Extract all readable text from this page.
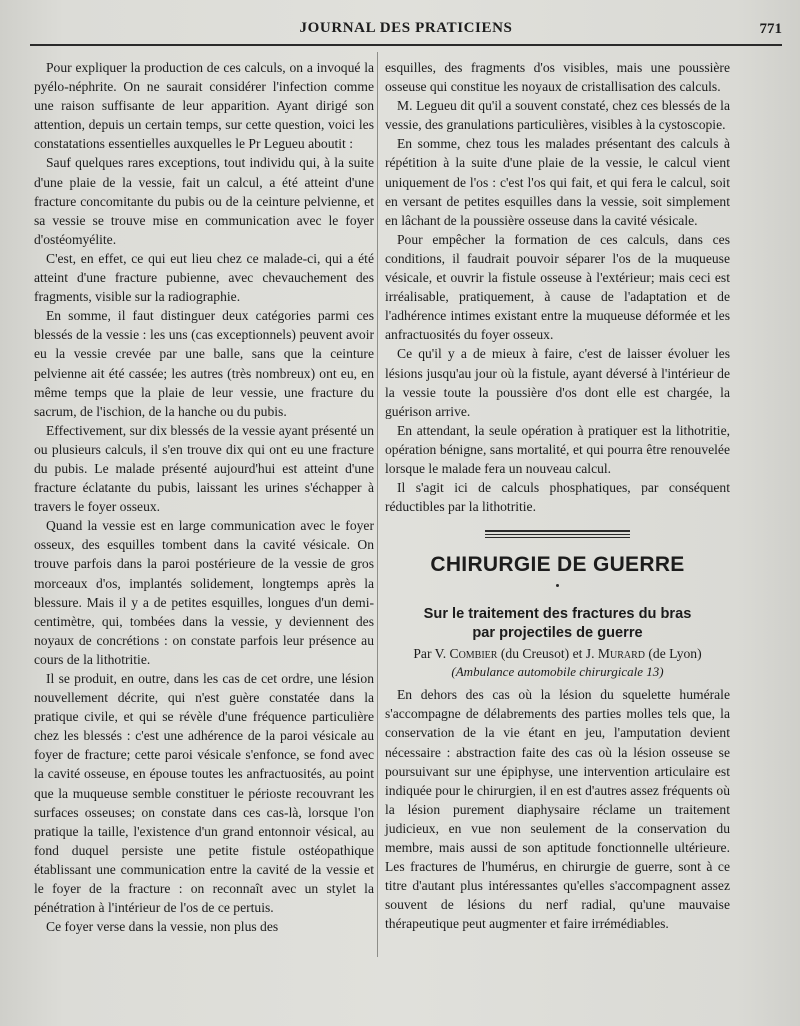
JOURNAL DES PRATICIENS	771

Pour expliquer la production de ces calculs, on a invoqué la pyélo-néphrite. On ne saurait considérer l'infection comme une raison suffisante de leur apparition. Ayant dirigé son attention, depuis un certain temps, sur cette question, voici les constatations essentielles auxquelles le Pr Legueu aboutit :

Sauf quelques rares exceptions, tout individu qui, à la suite d'une plaie de la vessie, fait un calcul, a été atteint d'une fracture concomitante du pubis ou de la ceinture pelvienne, et sa vessie se trouve mise en communication avec le foyer d'ostéomyélite.

C'est, en effet, ce qui eut lieu chez ce malade-ci, qui a été atteint d'une fracture pubienne, avec chevauchement des fragments, visible sur la radiographie.

En somme, il faut distinguer deux catégories parmi ces blessés de la vessie : les uns (cas exceptionnels) peuvent avoir eu la vessie crevée par une balle, sans que la ceinture pelvienne ait été cassée; les autres (très nombreux) ont eu, en même temps que la plaie de leur vessie, une fracture du sacrum, de l'ischion, de la hanche ou du pubis.

Effectivement, sur dix blessés de la vessie ayant présenté un ou plusieurs calculs, il s'en trouve dix qui ont eu une fracture du pubis. Le malade présenté aujourd'hui est atteint d'une fracture éclatante du pubis, laissant les urines s'échapper à travers le foyer osseux.

Quand la vessie est en large communication avec le foyer osseux, des esquilles tombent dans la cavité vésicale. On trouve parfois dans la paroi postérieure de la vessie de gros morceaux d'os, implantés solidement, longtemps après la blessure. Mais il y a de petites esquilles, longues d'un demi-centimètre, qui, tombées dans la vessie, y deviennent des noyaux de concrétions : on constate parfois leur présence au cours de la lithotritie.

Il se produit, en outre, dans les cas de cet ordre, une lésion nouvellement décrite, qui n'est guère constatée dans la pratique civile, et qui se révèle d'une fréquence particulière chez les blessés : c'est une adhérence de la paroi vésicale au foyer de fracture; cette paroi vésicale s'enfonce, se fond avec la cavité osseuse, en épouse toutes les anfractuosités, au point que la muqueuse semble constituer le périoste recouvrant les surfaces osseuses; on constate dans ces cas-là, lorsque l'on pratique la taille, l'existence d'un grand entonnoir vésical, au fond duquel persiste une petite fistule ostéopathique établissant une communication entre la cavité de la vessie et le foyer de la fracture : on reconnaît avec un stylet la pénétration à l'intérieur de l'os de ce pertuis.

Ce foyer verse dans la vessie, non plus des

esquilles, des fragments d'os visibles, mais une poussière osseuse qui constitue les noyaux de cristallisation des calculs.

M. Legueu dit qu'il a souvent constaté, chez ces blessés de la vessie, des granulations particulières, visibles à la cystoscopie.

En somme, chez tous les malades présentant des calculs à répétition à la suite d'une plaie de la vessie, le calcul vient uniquement de l'os : c'est l'os qui fait, et qui fera le calcul, soit en versant de petites esquilles dans la vessie, soit simplement en lâchant de la poussière osseuse dans la cavité vésicale.

Pour empêcher la formation de ces calculs, dans ces conditions, il faudrait pouvoir séparer l'os de la muqueuse vésicale, et ouvrir la fistule osseuse à l'extérieur; mais ceci est irréalisable, pratiquement, à cause de l'adaptation et de l'adhérence intimes existant entre la muqueuse déformée et les anfractuosités du foyer osseux.

Ce qu'il y a de mieux à faire, c'est de laisser évoluer les lésions jusqu'au jour où la fistule, ayant déversé à l'intérieur de la vessie toute la poussière d'os dont elle est chargée, la guérison arrive.

En attendant, la seule opération à pratiquer est la lithotritie, opération bénigne, sans mortalité, et qui pourra être renouvelée lorsque le malade fera un nouveau calcul.

Il s'agit ici de calculs phosphatiques, par conséquent réductibles par la lithotritie.

CHIRURGIE DE GUERRE
Sur le traitement des fractures du bras
par projectiles de guerre
Par V. Combier (du Creusot) et J. Murard (de Lyon)
(Ambulance automobile chirurgicale 13)

En dehors des cas où la lésion du squelette humérale s'accompagne de délabrements des parties molles tels que, la conservation de la vie étant en jeu, l'amputation devient nécessaire : abstraction faite des cas où la lésion osseuse se poursuivant sur une épiphyse, une intervention articulaire est indiquée pour le chirurgien, il en est d'autres assez fréquents où la lésion purement diaphysaire réclame un traitement judicieux, en vue non seulement de la conservation du membre, mais aussi de son aptitude fonctionnelle ultérieure. Les fractures de l'humérus, en chirurgie de guerre, sont à ce titre d'autant plus intéressantes qu'elles s'accompagnent assez souvent de lésions du nerf radial, qu'une mauvaise thérapeutique peut augmenter et faire irrémédiables.
